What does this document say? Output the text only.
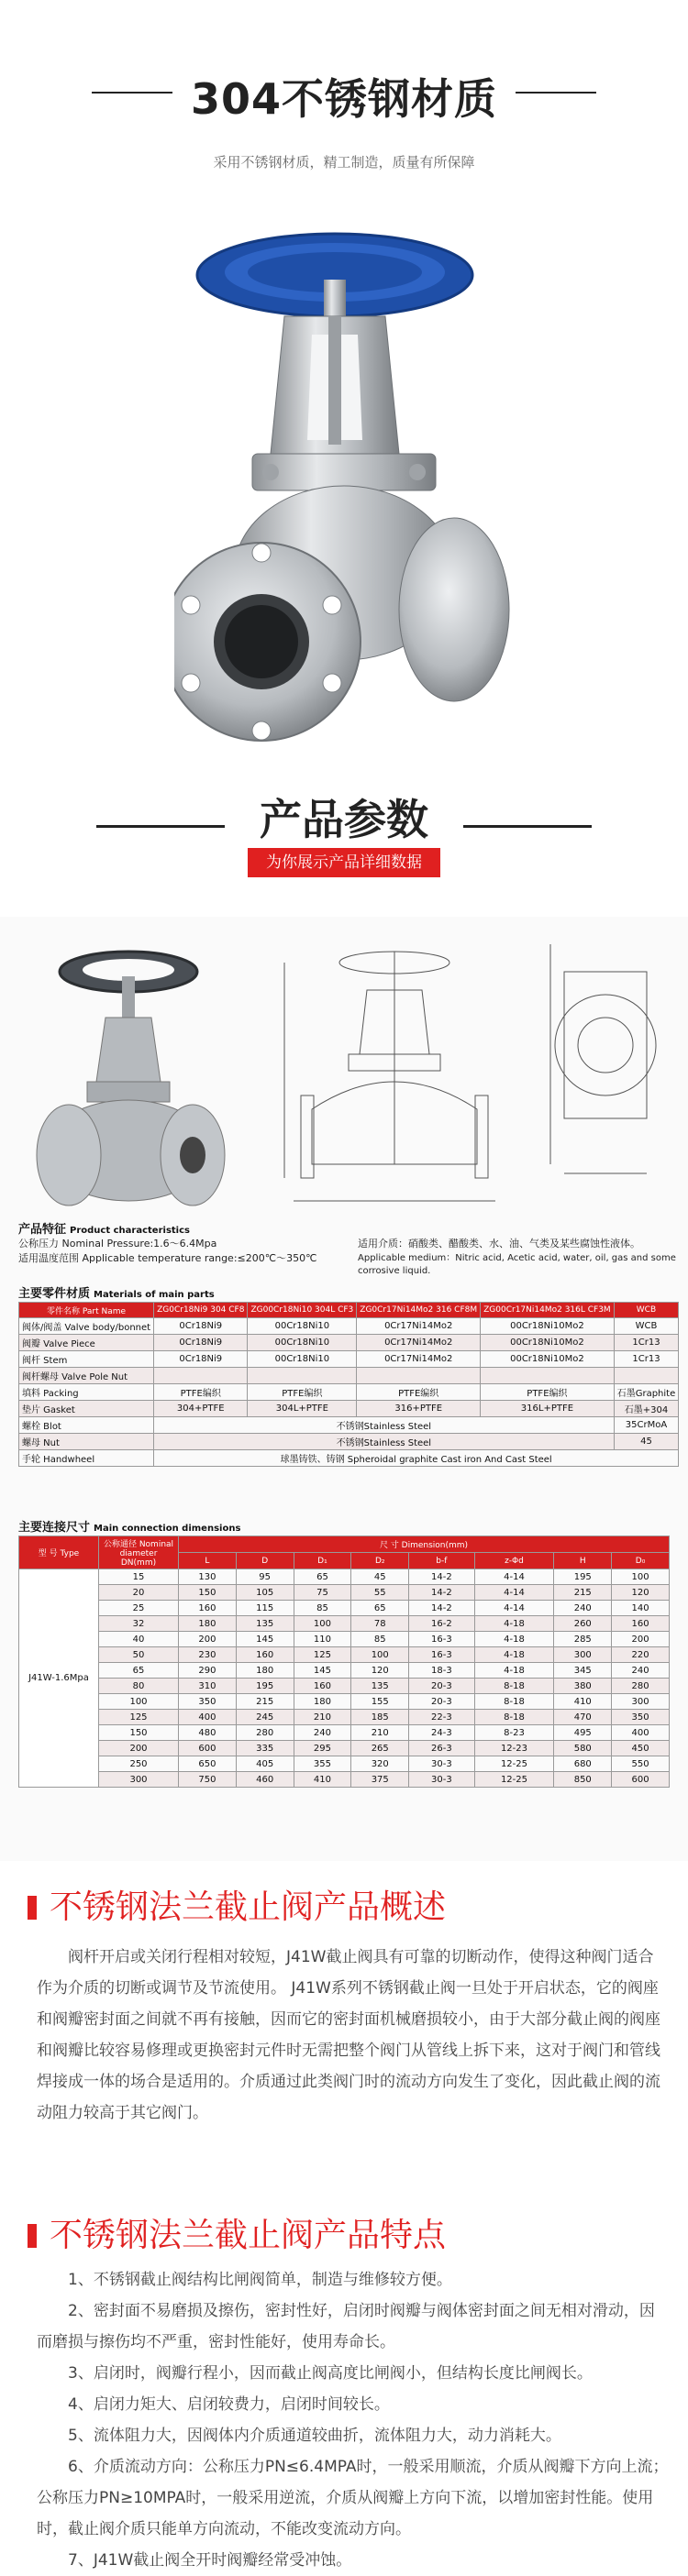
304不锈钢材质
采用不锈钢材质，精工制造，质量有所保障
产品参数
为你展示产品详细数据
产品特征 Product characteristics
公称压力 Nominal Pressure:1.6～6.4Mpa
适用温度范围 Applicable temperature range:≤200℃～350℃
适用介质：硝酸类、醋酸类、水、油、气类及某些腐蚀性液体。
Applicable medium：Nitric acid, Acetic acid, water, oil, gas and some corrosive liquid.
主要零件材质 Materials of main parts
零件名称 Part Name	ZG0Cr18Ni9 304 CF8	ZG00Cr18Ni10 304L CF3	ZG0Cr17Ni14Mo2 316 CF8M	ZG00Cr17Ni14Mo2 316L CF3M	WCB
阀体/阀盖 Valve body/bonnet	0Cr18Ni9	00Cr18Ni10	0Cr17Ni14Mo2	00Cr18Ni10Mo2	WCB
阀瓣 Valve Piece	0Cr18Ni9	00Cr18Ni10	0Cr17Ni14Mo2	00Cr18Ni10Mo2	1Cr13
阀杆 Stem	0Cr18Ni9	00Cr18Ni10	0Cr17Ni14Mo2	00Cr18Ni10Mo2	1Cr13
阀杆螺母 Valve Pole Nut					
填料 Packing	PTFE编织	PTFE编织	PTFE编织	PTFE编织	石墨Graphite
垫片 Gasket	304+PTFE	304L+PTFE	316+PTFE	316L+PTFE	石墨+304
螺栓 Blot	不锈钢Stainless Steel				35CrMoA
螺母 Nut	不锈钢Stainless Steel				45
手轮 Handwheel	球墨铸铁、铸钢 Spheroidal graphite Cast iron And Cast Steel				
主要连接尺寸 Main connection dimensions
型 号 Type	公称通径 Nominal diameter DN(mm)	尺 寸 Dimension(mm)							
		L	D	D₁	D₂	b-f	z-Φd	H	D₀
J41W-1.6Mpa	15	130	95	65	45	14-2	4-14	195	100
	20	150	105	75	55	14-2	4-14	215	120
	25	160	115	85	65	14-2	4-14	240	140
	32	180	135	100	78	16-2	4-18	260	160
	40	200	145	110	85	16-3	4-18	285	200
	50	230	160	125	100	16-3	4-18	300	220
	65	290	180	145	120	18-3	4-18	345	240
	80	310	195	160	135	20-3	8-18	380	280
	100	350	215	180	155	20-3	8-18	410	300
	125	400	245	210	185	22-3	8-18	470	350
	150	480	280	240	210	24-3	8-23	495	400
	200	600	335	295	265	26-3	12-23	580	450
	250	650	405	355	320	30-3	12-25	680	550
	300	750	460	410	375	30-3	12-25	850	600
不锈钢法兰截止阀产品概述
阀杆开启或关闭行程相对较短，J41W截止阀具有可靠的切断动作，使得这种阀门适合作为介质的切断或调节及节流使用。 J41W系列不锈钢截止阀一旦处于开启状态，它的阀座和阀瓣密封面之间就不再有接触，因而它的密封面机械磨损较小，由于大部分截止阀的阀座和阀瓣比较容易修理或更换密封元件时无需把整个阀门从管线上拆下来，这对于阀门和管线焊接成一体的场合是适用的。介质通过此类阀门时的流动方向发生了变化，因此截止阀的流动阻力较高于其它阀门。
不锈钢法兰截止阀产品特点

1、不锈钢截止阀结构比闸阀简单，制造与维修较方便。

2、密封面不易磨损及擦伤，密封性好，启闭时阀瓣与阀体密封面之间无相对滑动，因而磨损与擦伤均不严重，密封性能好，使用寿命长。

3、启闭时，阀瓣行程小，因而截止阀高度比闸阀小，但结构长度比闸阀长。

4、启闭力矩大、启闭较费力，启闭时间较长。

5、流体阻力大，因阀体内介质通道较曲折，流体阻力大，动力消耗大。

6、介质流动方向：公称压力PN≤6.4MPA时，一般采用顺流，介质从阀瓣下方向上流；公称压力PN≥10MPA时，一般采用逆流，介质从阀瓣上方向下流，以增加密封性能。使用时，截止阀介质只能单方向流动，不能改变流动方向。

7、J41W截止阀全开时阀瓣经常受冲蚀。
